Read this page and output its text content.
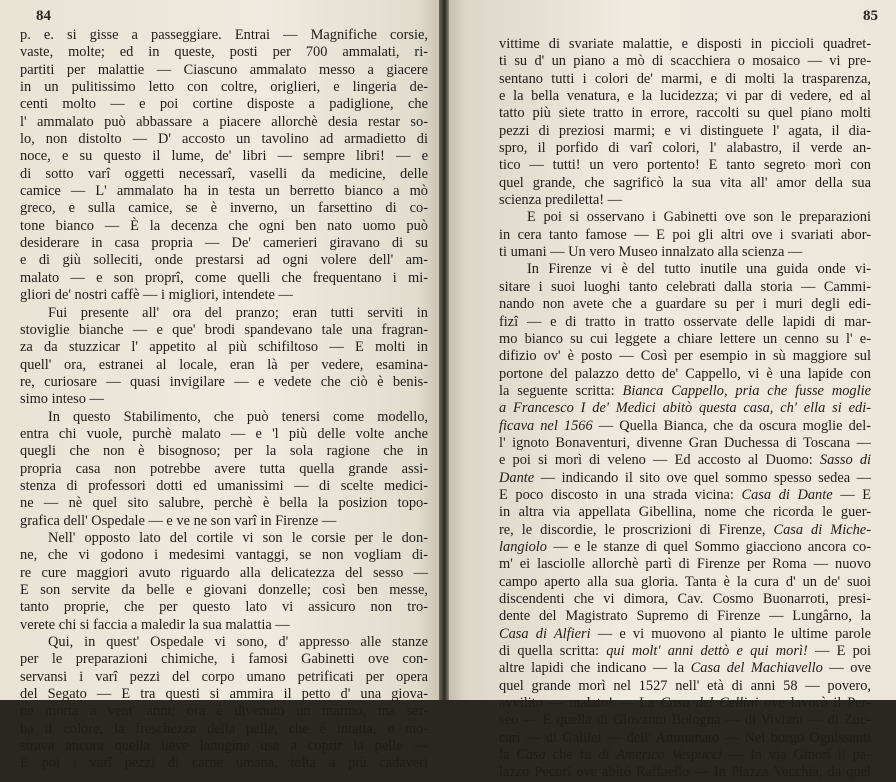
84
p. e. si gisse a passeggiare. Entrai — Magnifiche corsie,
vaste, molte; ed in queste, posti per 700 ammalati, ri-
partiti per malattie — Ciascuno ammalato messo a giacere
in un pulitissimo letto con coltre, origlieri, e lingeria de-
centi molto — e poi cortine disposte a padiglione, che
l' ammalato può abbassare a piacere allorchè desia restar so-
lo, non distolto — D' accosto un tavolino ad armadietto di
noce, e su questo il lume, de' libri — sempre libri! — e
di sotto varî oggetti necessarî, vaselli da medicine, delle
camice — L' ammalato ha in testa un berretto bianco a mò
greco, e sulla camice, se è inverno, un farsettino di co-
tone bianco — È la decenza che ogni ben nato uomo può
desiderare in casa propria — De' camerieri giravano di su
e di giù solleciti, onde prestarsi ad ogni volere dell' am-
malato — e son proprî, come quelli che frequentano i mi-
gliori de' nostri caffè — i migliori, intendete —
Fui presente all' ora del pranzo; eran tutti serviti in
stoviglie bianche — e que' brodi spandevano tale una fragran-
za da stuzzicar l' appetito al più schifiltoso — E molti in
quell' ora, estranei al locale, eran là per vedere, esamina-
re, curiosare — quasi invigilare — e vedete che ciò è benis-
simo inteso —
In questo Stabilimento, che può tenersi come modello,
entra chi vuole, purchè malato — e 'l più delle volte anche
quegli che non è bisognoso; per la sola ragione che in
propria casa non potrebbe avere tutta quella grande assi-
stenza di professori dotti ed umanissimi — di scelte medici-
ne — nè quel sito salubre, perchè è bella la posizion topo-
grafica dell' Ospedale — e ve ne son varî in Firenze —
Nell' opposto lato del cortile vi son le corsie per le don-
ne, che vi godono i medesimi vantaggi, se non vogliam di-
re cure maggiori avuto riguardo alla delicatezza del sesso —
E son servite da belle e giovani donzelle; così ben messe,
tanto proprie, che per questo lato vi assicuro non tro-
verete chi si faccia a maledir la sua malattia —
Qui, in quest' Ospedale vi sono, d' appresso alle stanze
per le preparazioni chimiche, i famosi Gabinetti ove con-
servansi i varî pezzi del corpo umano petrificati per opera
del Segato — E tra questi si ammira il petto d' una giova-
ne morta a vent' anni; ora è divenuto un marmo, ma ser-
ba il colore, la freschezza della pelle, che è intatta, e mo-
strava ancora quella lieve lanugine usa a coprir la pelle —
E poi i varî pezzi di carne umana, tolta a più cadaveri
85
vittime di svariate malattie, e disposti in piccioli quadret-
ti su d' un piano a mò di scacchiera o mosaico — vi pre-
sentano tutti i colori de' marmi, e di molti la trasparenza,
e la bella venatura, e la lucidezza; vi par di vedere, ed al
tatto più siete tratto in errore, raccolti su quel piano molti
pezzi di preziosi marmi; e vi distinguete l' agata, il dia-
spro, il porfido di varî colori, l' alabastro, il verde an-
tico — tutti! un vero portento! E tanto segreto morì con
quel grande, che sagrificò la sua vita all' amor della sua
scienza prediletta! —
E poi si osservano i Gabinetti ove son le preparazioni
in cera tanto famose — E poi gli altri ove i svariati abor-
ti umani — Un vero Museo innalzato alla scienza —
In Firenze vi è del tutto inutile una guida onde vi-
sitare i suoi luoghi tanto celebrati dalla storia — Cammi-
nando non avete che a guardare su per i muri degli edi-
fizî — e di tratto in tratto osservate delle lapidi di mar-
mo bianco su cui leggete a chiare lettere un cenno su l' e-
difizio ov' è posto — Così per esempio in sù maggiore sul
portone del palazzo detto de' Cappello, vi è una lapide con
la seguente scritta: Bianca Cappello, pria che fusse moglie
a Francesco I de' Medici abitò questa casa, ch' ella si edi-
ficava nel 1566 — Quella Bianca, che da oscura moglie del-
l' ignoto Bonaventuri, divenne Gran Duchessa di Toscana —
e poi si morì di veleno — Ed accosto al Duomo: Sasso di
Dante — indicando il sito ove quel sommo spesso sedea —
E poco discosto in una strada vicina: Casa di Dante — E
in altra via appellata Gibellina, nome che ricorda le guer-
re, le discordie, le proscrizioni di Firenze, Casa di Miche-
langiolo — e le stanze di quel Sommo giacciono ancora co-
m' ei lasciolle allorchè partì di Firenze per Roma — nuovo
campo aperto alla sua gloria. Tanta è la cura d' un de' suoi
discendenti che vi dimora, Cav. Cosmo Buonarroti, presi-
dente del Magistrato Supremo di Firenze — Lungârno, la
Casa di Alfieri — e vi muovono al pianto le ultime parole
di quella scritta: qui molt' anni dettò e qui morì! — E poi
altre lapidi che indicano — la Casa del Machiavello — ove
quel grande morì nel 1527 nell' età di anni 58 — povero,
avvilito — malato! — La Casa del Cellini ove lavorò il Per-
seo — E quella di Giovanni Bologna — di Viviani — di Zuc-
cari — di Galilei — dell' Ammanato — Nel borgo Ognissanti
la Casa che fu di Americo Vespucci — In via Ginori il pa-
lazzo Pecori ove abitò Raffaello — In Piazza Vecchia, da quel
